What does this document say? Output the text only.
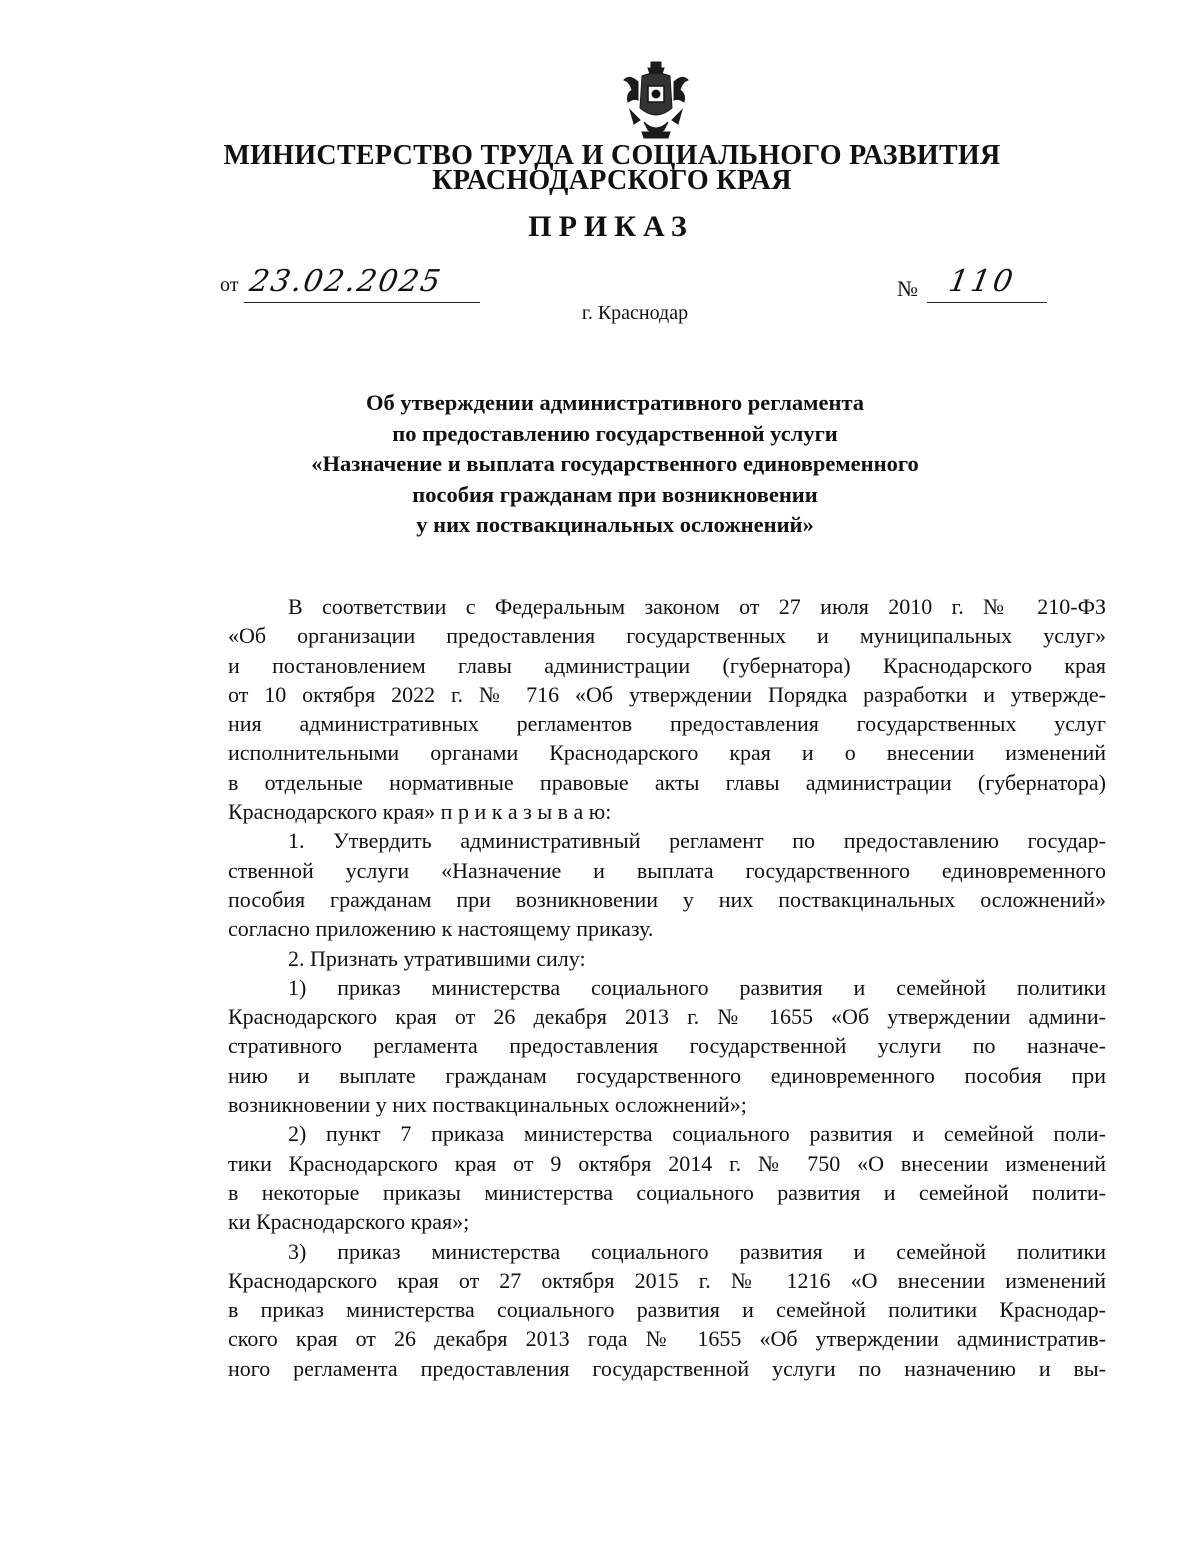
МИНИСТЕРСТВО ТРУДА И СОЦИАЛЬНОГО РАЗВИТИЯ
КРАСНОДАРСКОГО КРАЯ
ПРИКАЗ
от 23.02.2025	№ 110
г. Краснодар
Об утверждении административного регламента
по предоставлению государственной услуги
«Назначение и выплата государственного единовременного
пособия гражданам при возникновении
у них поствакцинальных осложнений»
В соответствии с Федеральным законом от 27 июля 2010 г. № 210-ФЗ
«Об организации предоставления государственных и муниципальных услуг»
и постановлением главы администрации (губернатора) Краснодарского края
от 10 октября 2022 г. № 716 «Об утверждении Порядка разработки и утвержде-
ния административных регламентов предоставления государственных услуг
исполнительными органами Краснодарского края и о внесении изменений
в отдельные нормативные правовые акты главы администрации (губернатора)
Краснодарского края» п р и к а з ы в а ю:
1. Утвердить административный регламент по предоставлению государ-
ственной услуги «Назначение и выплата государственного единовременного
пособия гражданам при возникновении у них поствакцинальных осложнений»
согласно приложению к настоящему приказу.
2. Признать утратившими силу:
1) приказ министерства социального развития и семейной политики
Краснодарского края от 26 декабря 2013 г. № 1655 «Об утверждении админи-
стративного регламента предоставления государственной услуги по назначе-
нию и выплате гражданам государственного единовременного пособия при
возникновении у них поствакцинальных осложнений»;
2) пункт 7 приказа министерства социального развития и семейной поли-
тики Краснодарского края от 9 октября 2014 г. № 750 «О внесении изменений
в некоторые приказы министерства социального развития и семейной полити-
ки Краснодарского края»;
3) приказ министерства социального развития и семейной политики
Краснодарского края от 27 октября 2015 г. № 1216 «О внесении изменений
в приказ министерства социального развития и семейной политики Краснодар-
ского края от 26 декабря 2013 года № 1655 «Об утверждении административ-
ного регламента предоставления государственной услуги по назначению и вы-
